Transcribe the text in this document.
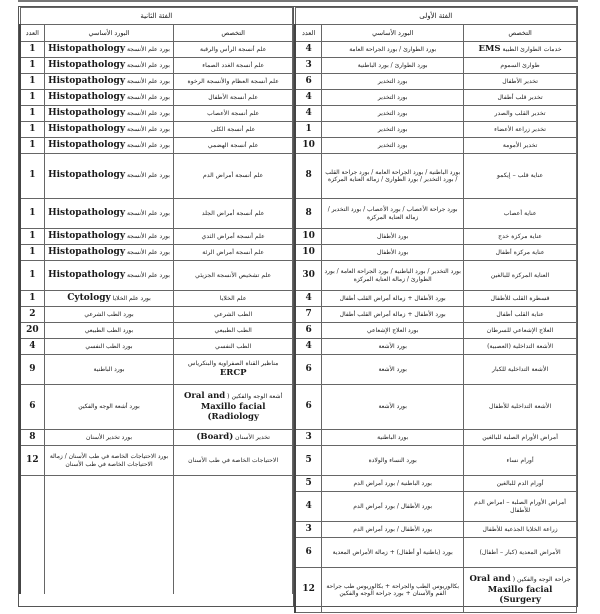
الفئة الثانية		
التخصص	البورد الأساسي	العدد
علم أنسجة الرأس والرقبة	بورد علم الأنسجة Histopathology	1
علم أنسجة الغدد الصماء	بورد علم الأنسجة Histopathology	1
علم أنسجة العظام والأنسجة الرخوة	بورد علم الأنسجة Histopathology	1
علم أنسجة الأطفال	بورد علم الأنسجة Histopathology	1
علم أنسجة الأعصاب	بورد علم الأنسجة Histopathology	1
علم أنسجة الكلى	بورد علم الأنسجة Histopathology	1
علم أنسجة الهضمي	بورد علم الأنسجة Histopathology	1
علم أنسجة أمراض الدم	بورد علم الأنسجة Histopathology	1
علم أنسجة أمراض الجلد	بورد علم الأنسجة Histopathology	1
علم أنسجة أمراض الثدي	بورد علم الأنسجة Histopathology	1
علم أنسجة أمراض الرئة	بورد علم الأنسجة Histopathology	1
علم تشخيص الأنسجة الجزيئي	بورد علم الأنسجة Histopathology	1
علم الخلايا	بورد علم الخلايا Cytology	1
الطب الشرعي	بورد الطب الشرعي	2
الطب الطبيعي	بورد الطب الطبيعي	20
الطب النفسي	بورد الطب النفسي	4
مناظير القناة الصفراوية والبنكرياس ERCP	بورد الباطنية	9
أشعة الوجه والفكين ( Oral and Maxillo facial Radiology)	بورد أشعة الوجه والفكين	6
تخدير الأسنان (Board)	بورد تخدير الأسنان	8
الاحتياجات الخاصة في طب الأسنان	بورد الاحتياجات الخاصة في طب الأسنان / زمالة الاحتياجات الخاصة في طب الأسنان	12

الفئة الأولى		
التخصص	البورد الأساسي	العدد
خدمات الطوارئ الطبية EMS	بورد الطوارئ / بورد الجراحة العامة	4
طوارئ السموم	بورد الطوارئ / بورد الباطنية	3
تخدير الأطفال	بورد التخدير	6
تخدير قلب أطفال	بورد التخدير	4
تخدير القلب والصدر	بورد التخدير	4
تخدير زراعة الأعضاء	بورد التخدير	1
تخدير الأمومة	بورد التخدير	10
عناية قلب – إيكمو	بورد الباطنية / بورد الجراحة العامة / بورد جراحة القلب / بورد التخدير / بورد الطوارئ / زمالة العناية المركزة	8
عناية أعصاب	بورد جراحة الأعصاب / بورد الأعصاب / بورد التخدير / زمالة العناية المركزة	8
عناية مركزة خدج	بورد الأطفال	10
عناية مركزة أطفال	بورد الأطفال	10
العناية المركزة للبالغين	بورد التخدير / بورد الباطنية / بورد الجراحة العامة / بورد الطوارئ / زمالة العناية المركزة	30
قسطرة القلب للأطفال	بورد الأطفال + زمالة أمراض القلب أطفال	4
عناية القلب أطفال	بورد الأطفال + زمالة أمراض القلب أطفال	7
العلاج الإشعاعي للسرطان	بورد العلاج الإشعاعي	6
الأشعة التداخلية (العصبية)	بورد الأشعة	4
الأشعة التداخلية للكبار	بورد الأشعة	6
الأشعة التداخلية للأطفال	بورد الأشعة	6
أمراض الأورام الصلبة للبالغين	بورد الباطنية	3
أورام نساء	بورد النساء والولادة	5
أورام الدم للبالغين	بورد الباطنية / بورد أمراض الدم	5
أمراض الأورام الصلبة – امراض الدم للأطفال	بورد الأطفال / بورد أمراض الدم	4
زراعة الخلايا الجذعية للأطفال	بورد الأطفال / بورد أمراض الدم	3
الأمراض المعدية (كبار – أطفال)	بورد (باطنية أو أطفال) + زمالة الأمراض المعدية	6
جراحة الوجه والفكين ( Oral and Maxillo facial Surgery)	بكالوريوس الطب والجراحة + بكالوريوس طب جراحة الفم والأسنان + بورد جراحة الوجه والفكين	12
